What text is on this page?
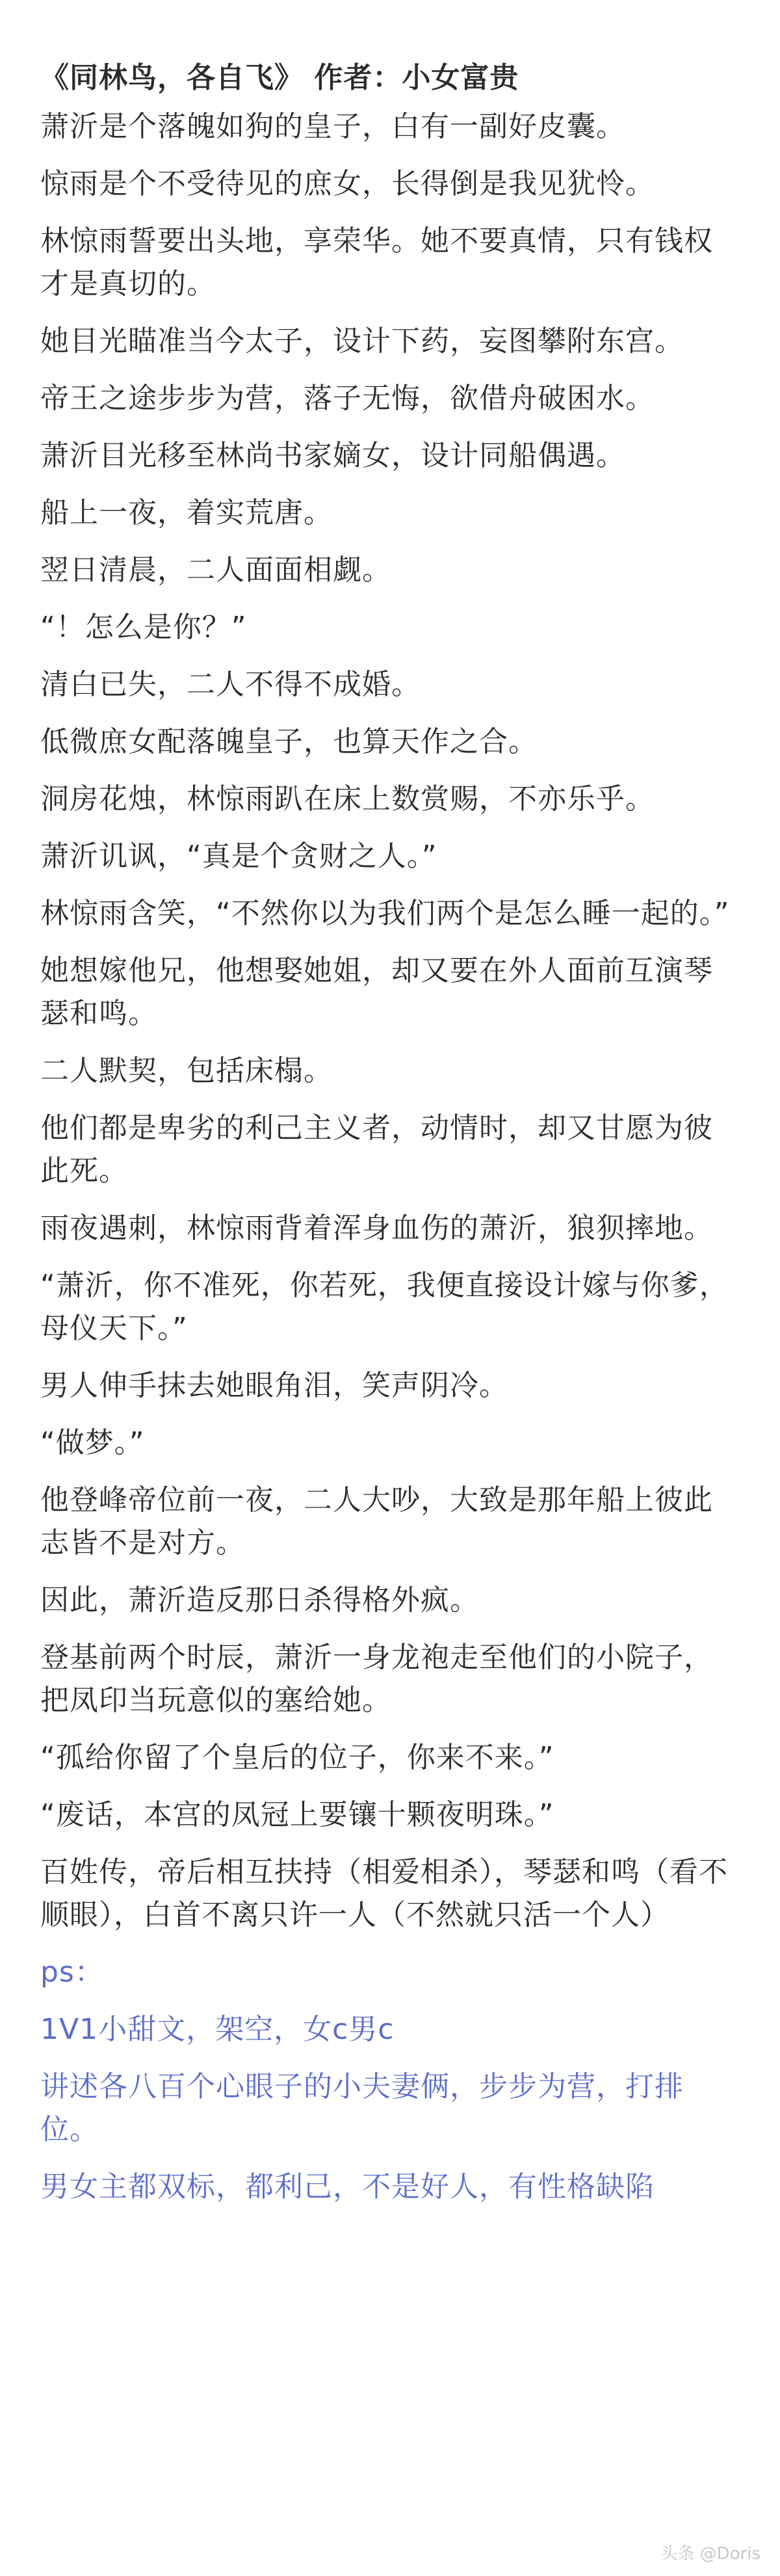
《同林鸟，各自飞》 作者：小女富贵
萧沂是个落魄如狗的皇子，白有一副好皮囊。
惊雨是个不受待见的庶女，长得倒是我见犹怜。
林惊雨誓要出头地，享荣华。她不要真情，只有钱权才是真切的。
她目光瞄准当今太子，设计下药，妄图攀附东宫。
帝王之途步步为营，落子无悔，欲借舟破困水。
萧沂目光移至林尚书家嫡女，设计同船偶遇。
船上一夜，着实荒唐。
翌日清晨，二人面面相觑。
“！怎么是你？”
清白已失，二人不得不成婚。
低微庶女配落魄皇子，也算天作之合。
洞房花烛，林惊雨趴在床上数赏赐，不亦乐乎。
萧沂讥讽，“真是个贪财之人。”
林惊雨含笑，“不然你以为我们两个是怎么睡一起的。”
她想嫁他兄，他想娶她姐，却又要在外人面前互演琴瑟和鸣。
二人默契，包括床榻。
他们都是卑劣的利己主义者，动情时，却又甘愿为彼此死。
雨夜遇刺，林惊雨背着浑身血伤的萧沂，狼狈摔地。
“萧沂，你不准死，你若死，我便直接设计嫁与你爹，母仪天下。”
男人伸手抹去她眼角泪，笑声阴冷。
“做梦。”
他登峰帝位前一夜，二人大吵，大致是那年船上彼此志皆不是对方。
因此，萧沂造反那日杀得格外疯。
登基前两个时辰，萧沂一身龙袍走至他们的小院子，把凤印当玩意似的塞给她。
“孤给你留了个皇后的位子，你来不来。”
“废话，本宫的凤冠上要镶十颗夜明珠。”
百姓传，帝后相互扶持（相爱相杀），琴瑟和鸣（看不顺眼），白首不离只许一人（不然就只活一个人）
ps：
1V1小甜文，架空，女c男c
讲述各八百个心眼子的小夫妻俩，步步为营，打排位。
男女主都双标，都利己，不是好人，有性格缺陷
头条 @Doris
